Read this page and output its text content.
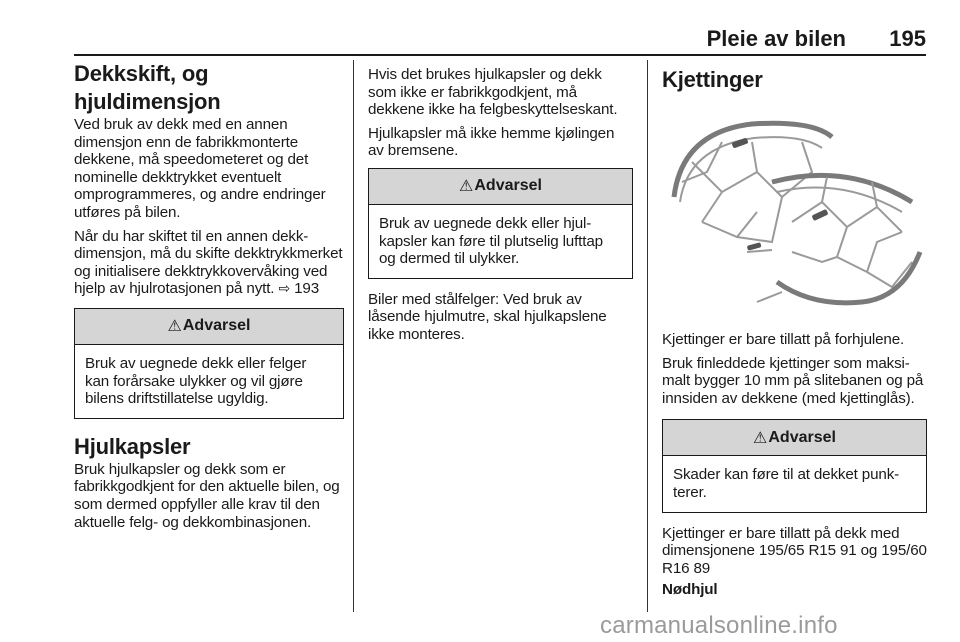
Pleie av bilen 195
Dekkskift, og hjuldimensjon

Ved bruk av dekk med en annen dimensjon enn de fabrikkmonterte dekkene, må speedometeret og det nominelle dekktrykket eventuelt omprogrammeres, og andre endringer utføres på bilen.

Når du har skiftet til en annen dekkdimensjon, må du skifte dekktrykkmerket og initialisere dekktrykkovervåking ved hjelp av hjulrotasjonen på nytt. ⇨ 193

⚠ Advarsel

Bruk av uegnede dekk eller felger kan forårsake ulykker og vil gjøre bilens driftstillatelse ugyldig.

Hjulkapsler

Bruk hjulkapsler og dekk som er fabrikkgodkjent for den aktuelle bilen, og som dermed oppfyller alle krav til den aktuelle felg- og dekkombinasjonen.

Hvis det brukes hjulkapsler og dekk som ikke er fabrikkgodkjent, må dekkene ikke ha felgbeskyttelseskant.

Hjulkapsler må ikke hemme kjølingen av bremsene.

⚠ Advarsel

Bruk av uegnede dekk eller hjulkapsler kan føre til plutselig lufttap og dermed til ulykker.

Biler med stålfelger: Ved bruk av låsende hjulmutre, skal hjulkapslene ikke monteres.

Kjettinger

Kjettinger er bare tillatt på forhjulene.

Bruk finleddede kjettinger som maksimalt bygger 10 mm på slitebanen og på innsiden av dekkene (med kjettinglås).

⚠ Advarsel

Skader kan føre til at dekket punkterer.

Kjettinger er bare tillatt på dekk med dimensjonene 195/65 R15 91 og 195/60 R16 89

Nødhjul

carmanualsonline.info
